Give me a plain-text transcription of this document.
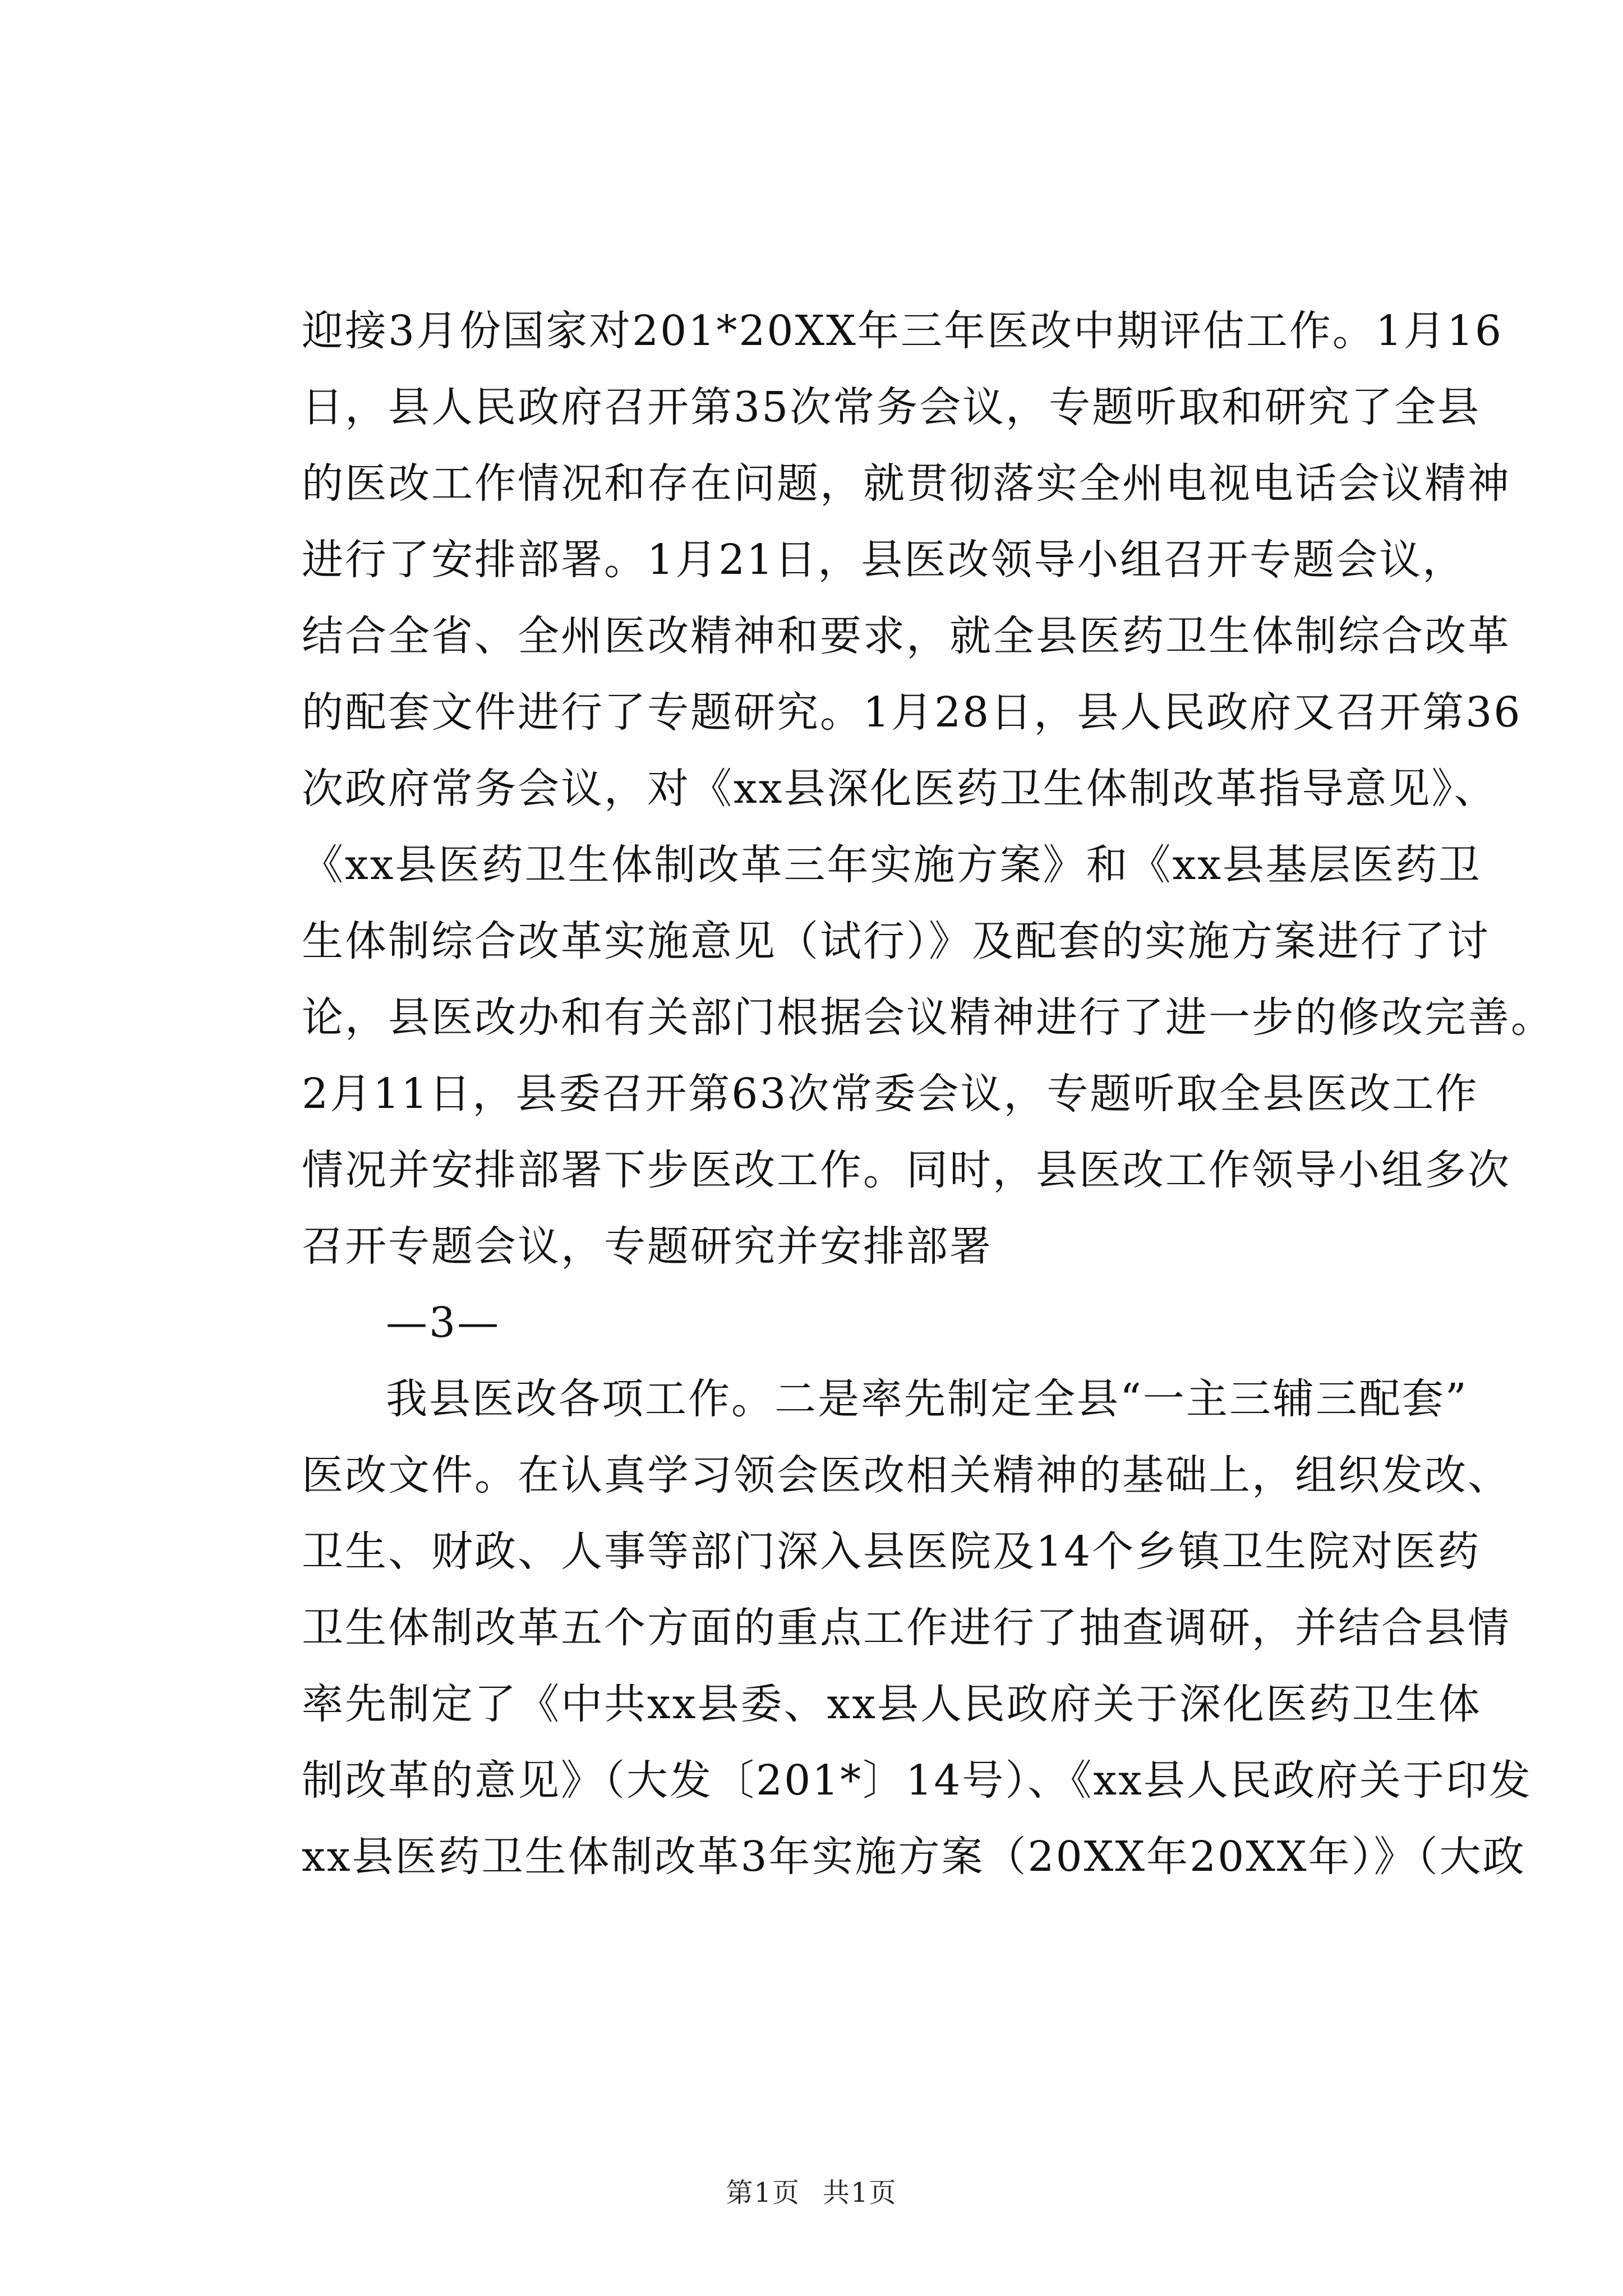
迎接3月份国家对201*20XX年三年医改中期评估工作。1月16
日，县人民政府召开第35次常务会议，专题听取和研究了全县
的医改工作情况和存在问题，就贯彻落实全州电视电话会议精神
进行了安排部署。1月21日，县医改领导小组召开专题会议，
结合全省、全州医改精神和要求，就全县医药卫生体制综合改革
的配套文件进行了专题研究。1月28日，县人民政府又召开第36
次政府常务会议，对《xx县深化医药卫生体制改革指导意见》、
《xx县医药卫生体制改革三年实施方案》和《xx县基层医药卫
生体制综合改革实施意见（试行）》及配套的实施方案进行了讨
论，县医改办和有关部门根据会议精神进行了进一步的修改完善。
2月11日，县委召开第63次常委会议，专题听取全县医改工作
情况并安排部署下步医改工作。同时，县医改工作领导小组多次
召开专题会议，专题研究并安排部署
—3—
我县医改各项工作。二是率先制定全县“一主三辅三配套”
医改文件。在认真学习领会医改相关精神的基础上，组织发改、
卫生、财政、人事等部门深入县医院及14个乡镇卫生院对医药
卫生体制改革五个方面的重点工作进行了抽查调研，并结合县情
率先制定了《中共xx县委、xx县人民政府关于深化医药卫生体
制改革的意见》（大发〔201*〕14号）、《xx县人民政府关于印发
xx县医药卫生体制改革3年实施方案（20XX年20XX年）》（大政
第1页 共1页
